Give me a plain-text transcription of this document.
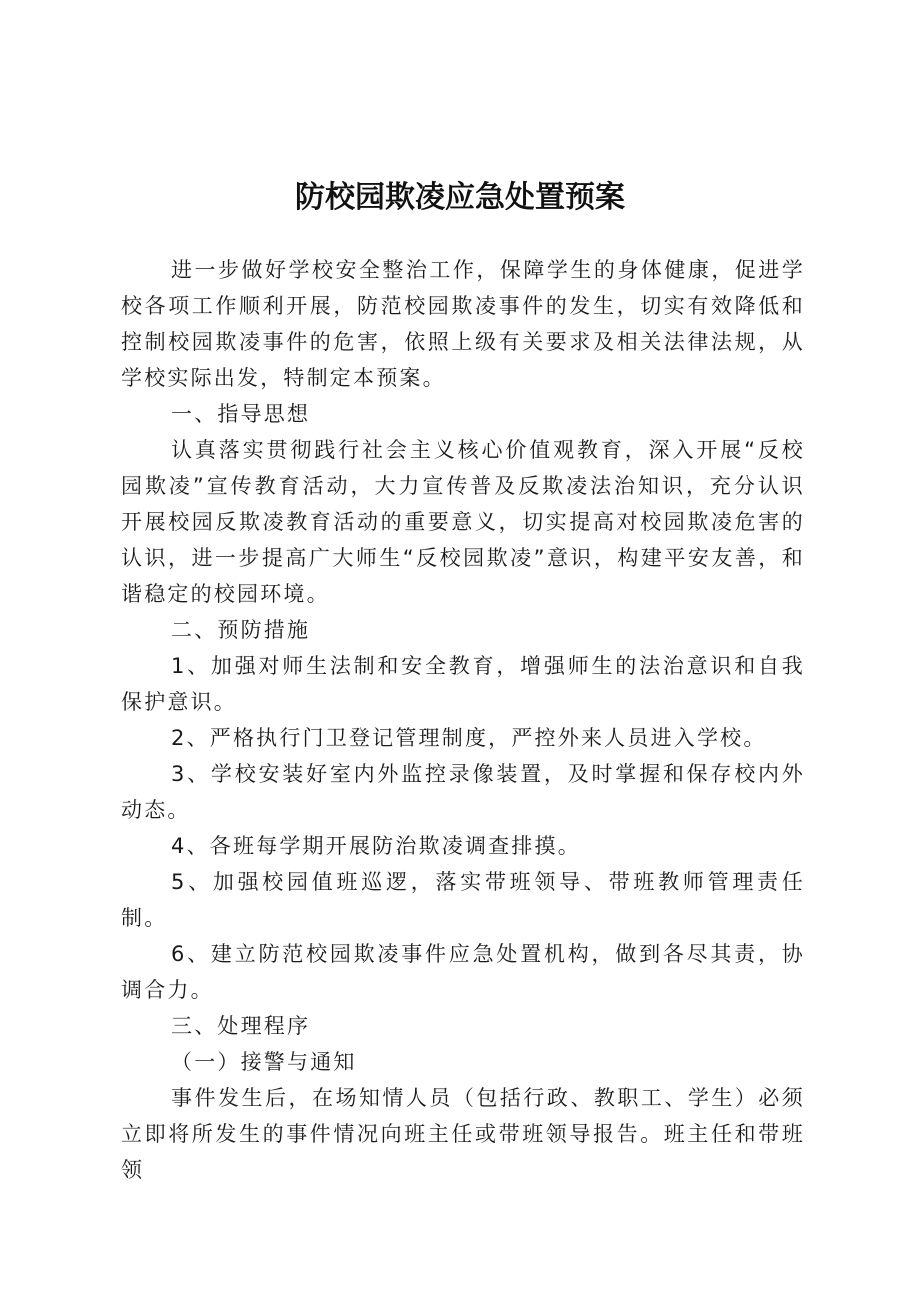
防校园欺凌应急处置预案

进一步做好学校安全整治工作，保障学生的身体健康，促进学校各项工作顺利开展，防范校园欺凌事件的发生，切实有效降低和控制校园欺凌事件的危害，依照上级有关要求及相关法律法规，从学校实际出发，特制定本预案。

一、指导思想

认真落实贯彻践行社会主义核心价值观教育，深入开展“反校园欺凌”宣传教育活动，大力宣传普及反欺凌法治知识，充分认识开展校园反欺凌教育活动的重要意义，切实提高对校园欺凌危害的认识，进一步提高广大师生“反校园欺凌”意识，构建平安友善，和谐稳定的校园环境。

二、预防措施

1、加强对师生法制和安全教育，增强师生的法治意识和自我保护意识。

2、严格执行门卫登记管理制度，严控外来人员进入学校。

3、学校安装好室内外监控录像装置，及时掌握和保存校内外动态。

4、各班每学期开展防治欺凌调查排摸。

5、加强校园值班巡逻，落实带班领导、带班教师管理责任制。

6、建立防范校园欺凌事件应急处置机构，做到各尽其责，协调合力。

三、处理程序

（一）接警与通知

事件发生后，在场知情人员（包括行政、教职工、学生）必须立即将所发生的事件情况向班主任或带班领导报告。班主任和带班领
